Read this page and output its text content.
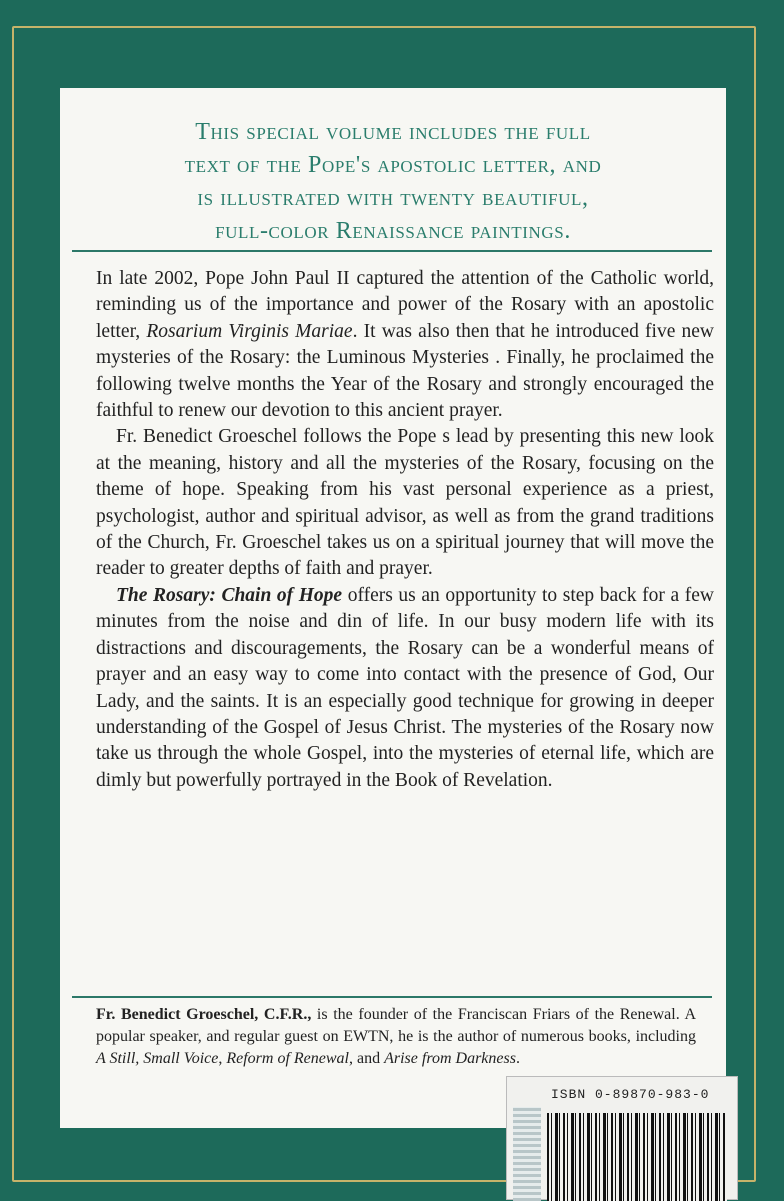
This special volume includes the full
text of the Pope's apostolic letter, and
is illustrated with twenty beautiful,
full-color Renaissance paintings.

In late 2002, Pope John Paul II captured the attention of the Catholic world, reminding us of the importance and power of the Rosary with an apostolic letter, Rosarium Virginis Mariae. It was also then that he introduced five new mysteries of the Rosary: the Luminous Mysteries . Finally, he proclaimed the following twelve months the Year of the Rosary and strongly encouraged the faithful to renew our devotion to this ancient prayer.

Fr. Benedict Groeschel follows the Pope s lead by presenting this new look at the meaning, history and all the mysteries of the Rosary, focusing on the theme of hope. Speaking from his vast personal experience as a priest, psychologist, author and spiritual advisor, as well as from the grand traditions of the Church, Fr. Groeschel takes us on a spiritual journey that will move the reader to greater depths of faith and prayer.

The Rosary: Chain of Hope offers us an opportunity to step back for a few minutes from the noise and din of life. In our busy modern life with its distractions and discouragements, the Rosary can be a wonderful means of prayer and an easy way to come into contact with the presence of God, Our Lady, and the saints. It is an especially good technique for growing in deeper understanding of the Gospel of Jesus Christ. The mysteries of the Rosary now take us through the whole Gospel, into the mysteries of eternal life, which are dimly but powerfully portrayed in the Book of Revelation.

Fr. Benedict Groeschel, C.F.R., is the founder of the Franciscan Friars of the Renewal. A popular speaker, and regular guest on EWTN, he is the author of numerous books, including A Still, Small Voice, Reform of Renewal, and Arise from Darkness.

ISBN 0-89870-983-0
